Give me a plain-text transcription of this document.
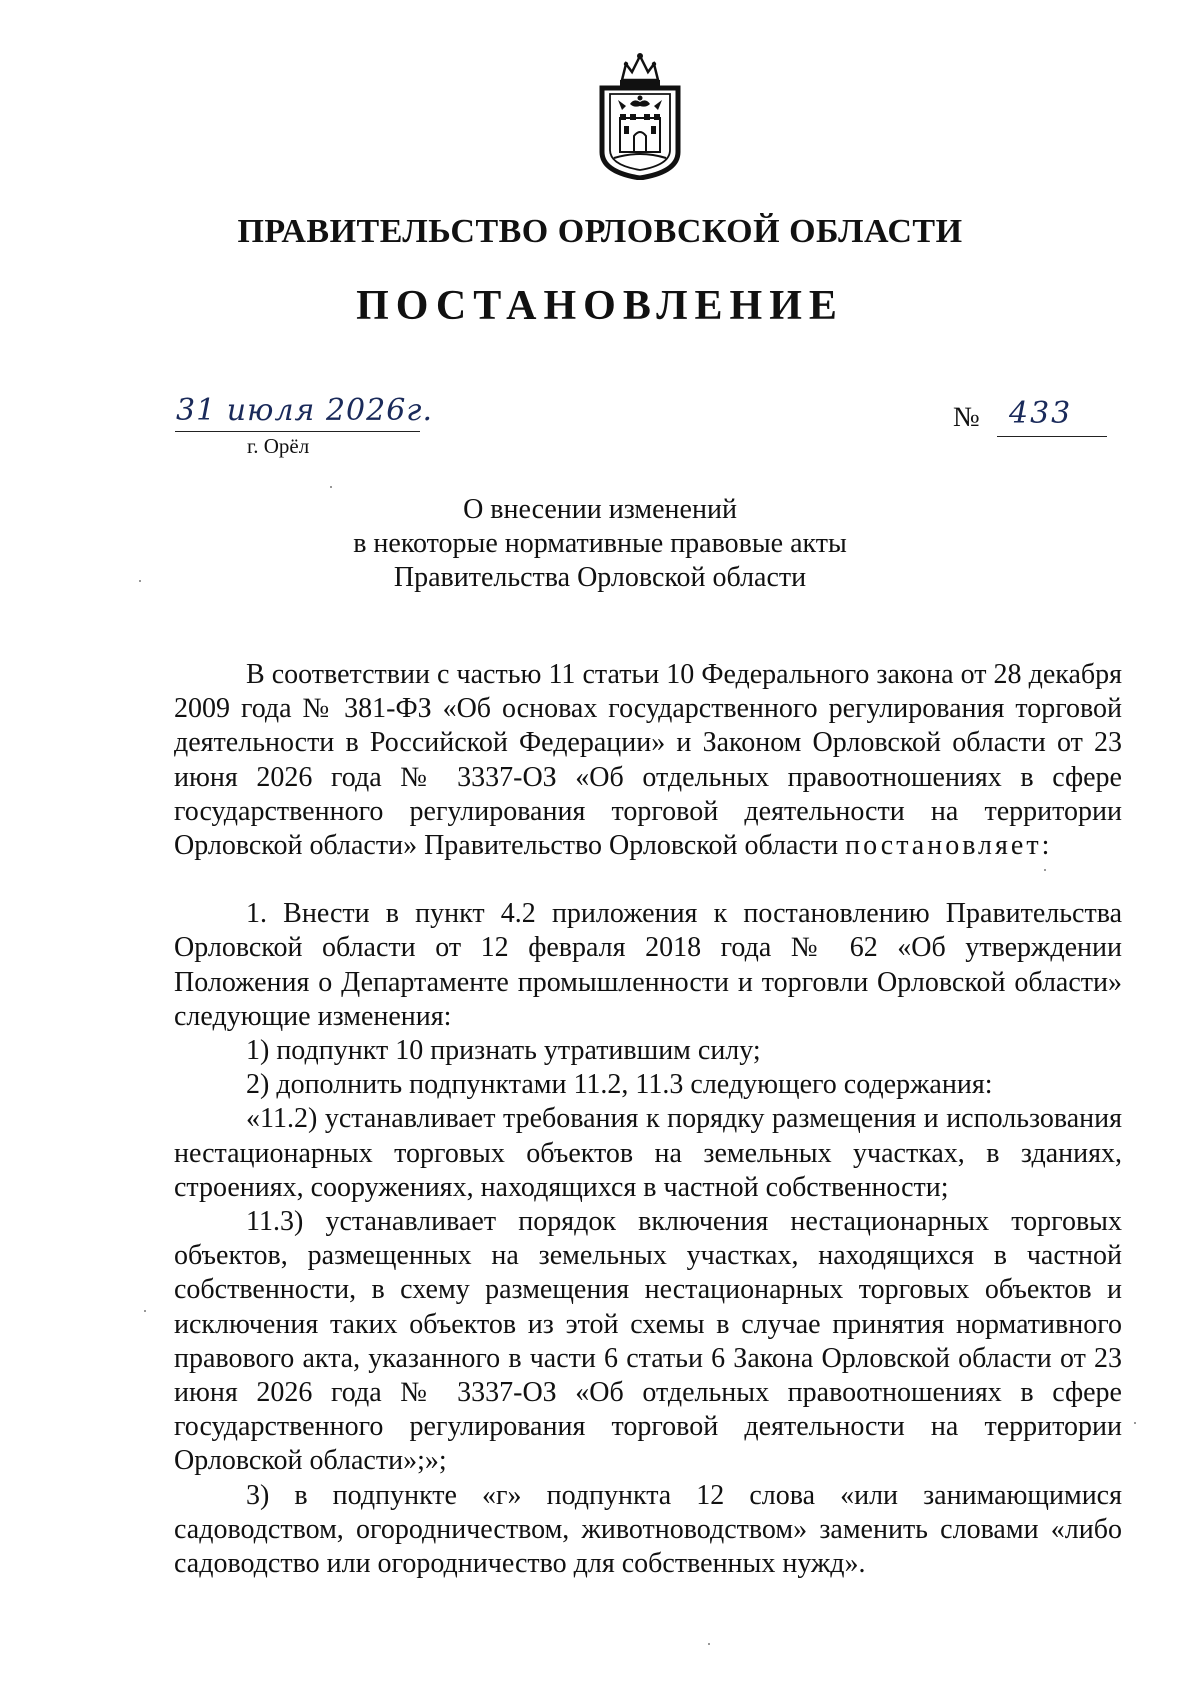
ПРАВИТЕЛЬСТВО ОРЛОВСКОЙ ОБЛАСТИ
ПОСТАНОВЛЕНИЕ
31 июля 2026г.
г. Орёл
№ 433
О внесении изменений
в некоторые нормативные правовые акты
Правительства Орловской области

В соответствии с частью 11 статьи 10 Федерального закона от 28 декабря 2009 года № 381-ФЗ «Об основах государственного регулирования торговой деятельности в Российской Федерации» и Законом Орловской области от 23 июня 2026 года № 3337-ОЗ «Об отдельных правоотношениях в сфере государственного регулирования торговой деятельности на территории Орловской области» Правительство Орловской области постановляет:

1. Внести в пункт 4.2 приложения к постановлению Правительства Орловской области от 12 февраля 2018 года № 62 «Об утверждении Положения о Департаменте промышленности и торговли Орловской области» следующие изменения:

1) подпункт 10 признать утратившим силу;

2) дополнить подпунктами 11.2, 11.3 следующего содержания:

«11.2) устанавливает требования к порядку размещения и использования нестационарных торговых объектов на земельных участках, в зданиях, строениях, сооружениях, находящихся в частной собственности;

11.3) устанавливает порядок включения нестационарных торговых объектов, размещенных на земельных участках, находящихся в частной собственности, в схему размещения нестационарных торговых объектов и исключения таких объектов из этой схемы в случае принятия нормативного правового акта, указанного в части 6 статьи 6 Закона Орловской области от 23 июня 2026 года № 3337-ОЗ «Об отдельных правоотношениях в сфере государственного регулирования торговой деятельности на территории Орловской области»;»;

3) в подпункте «г» подпункта 12 слова «или занимающимися садоводством, огородничеством, животноводством» заменить словами «либо садоводство или огородничество для собственных нужд».
